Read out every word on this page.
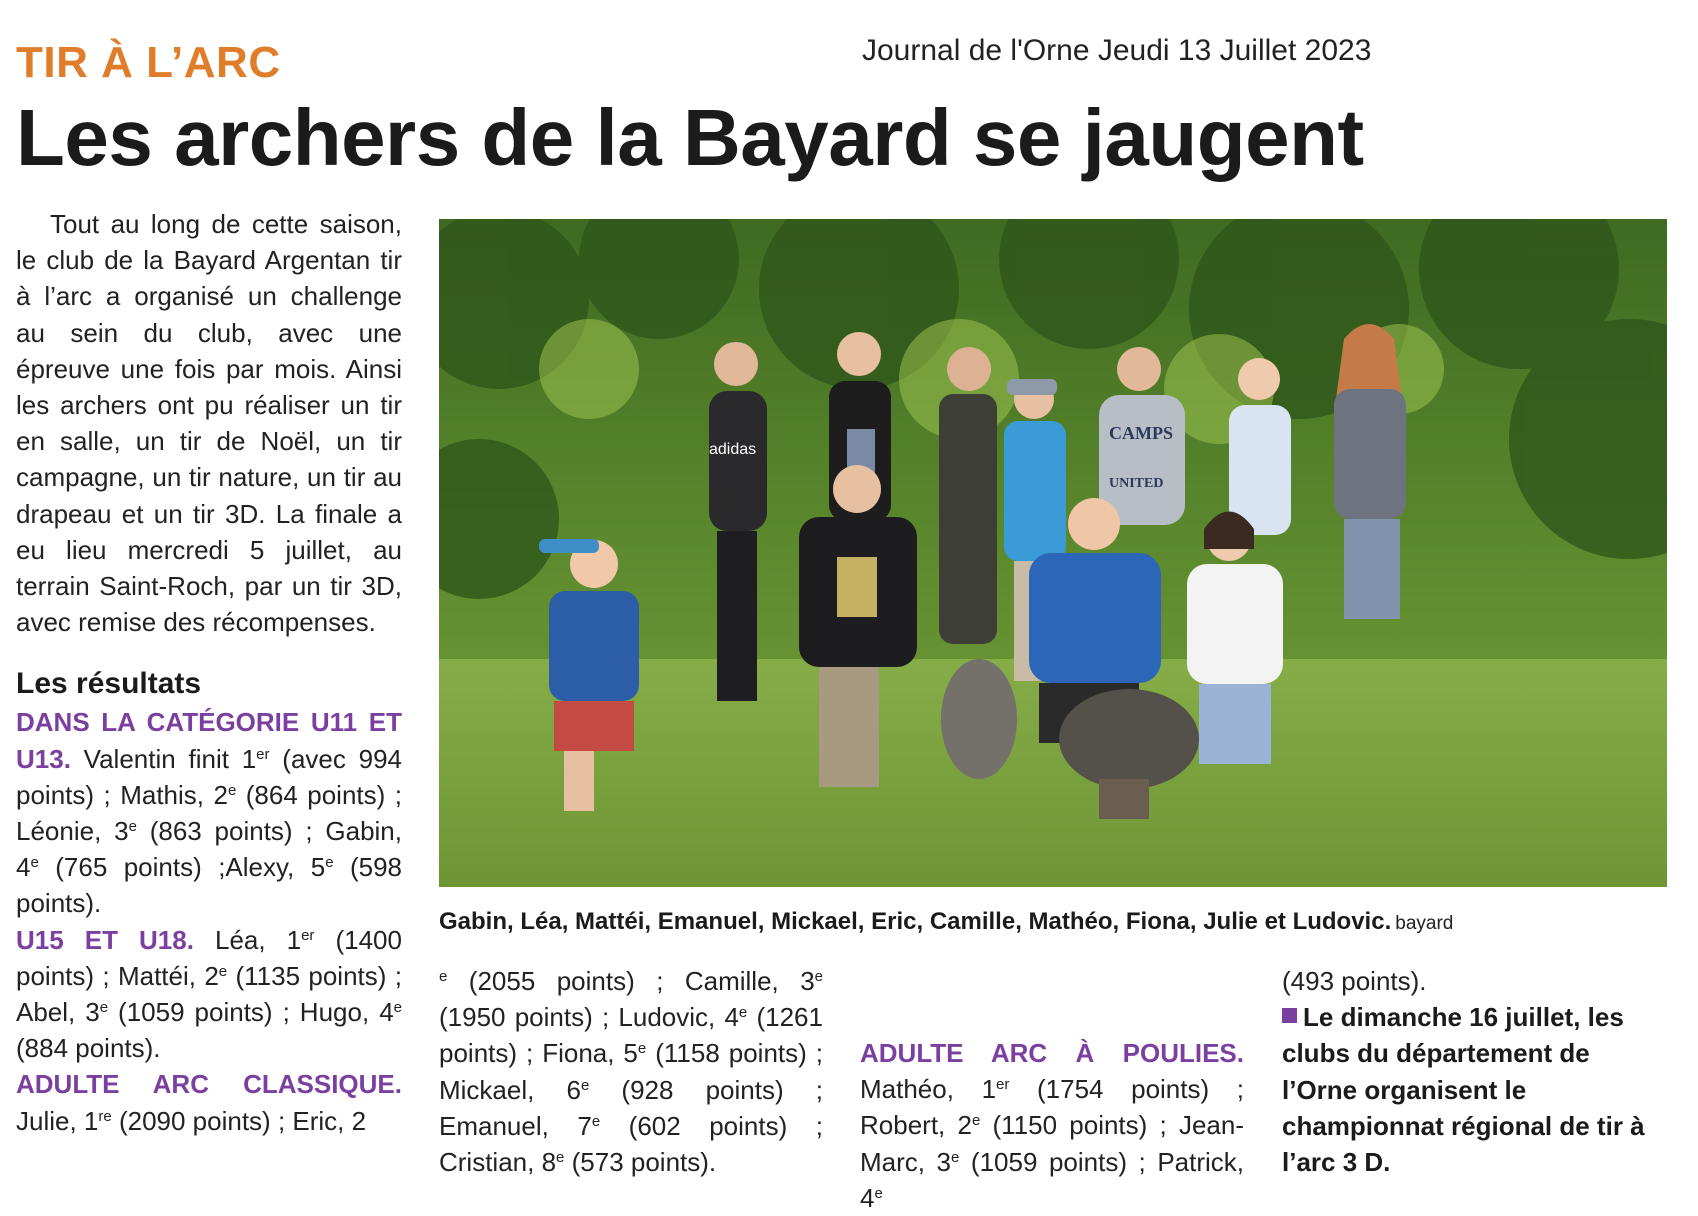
TIR À L’ARC	Journal de l'Orne Jeudi 13 Juillet 2023
Les archers de la Bayard se jaugent

Tout au long de cette saison, le club de la Bayard Argentan tir à l’arc a organisé un challenge au sein du club, avec une épreuve une fois par mois. Ainsi les archers ont pu réaliser un tir en salle, un tir de Noël, un tir campagne, un tir nature, un tir au drapeau et un tir 3D. La finale a eu lieu mercredi 5 juillet, au terrain Saint-Roch, par un tir 3D, avec remise des récompenses.

Les résultats

DANS LA CATÉGORIE U11 ET U13. Valentin finit 1er (avec 994 points) ; Mathis, 2e (864 points) ; Léonie, 3e (863 points) ; Gabin, 4e (765 points) ;Alexy, 5e (598 points).

U15 ET U18. Léa, 1er (1400 points) ; Mattéi, 2e (1135 points) ; Abel, 3e (1059 points) ; Hugo, 4e (884 points).

ADULTE ARC CLASSIQUE. Julie, 1re (2090 points) ; Eric, 2

adidas
CAMPS
UNITED
Gabin, Léa, Mattéi, Emanuel, Mickael, Eric, Camille, Mathéo, Fiona, Julie et Ludovic. bayard

$^e$ (2055 points) ; Camille, 3e (1950 points) ; Ludovic, 4e (1261 points) ; Fiona, 5e (1158 points) ; Mickael, 6e (928 points) ; Emanuel, 7e (602 points) ; Cristian, 8e (573 points).

ADULTE ARC À POULIES. Mathéo, 1er (1754 points) ; Robert, 2e (1150 points) ; Jean-Marc, 3e (1059 points) ; Patrick, 4e

(493 points).

Le dimanche 16 juillet, les clubs du département de l’Orne organisent le championnat régional de tir à l’arc 3 D.
